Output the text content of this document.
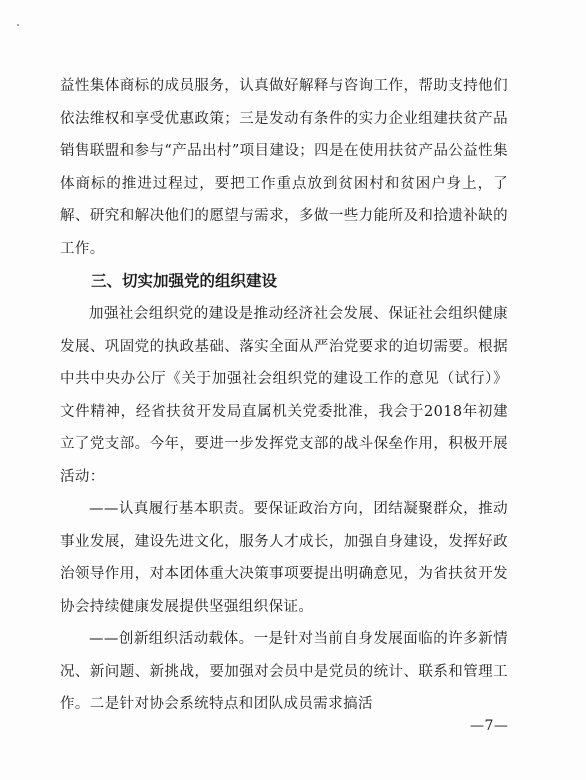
益性集体商标的成员服务，认真做好解释与咨询工作，帮助支持他们依法维权和享受优惠政策；三是发动有条件的实力企业组建扶贫产品销售联盟和参与“产品出村”项目建设；四是在使用扶贫产品公益性集体商标的推进过程过，要把工作重点放到贫困村和贫困户身上，了解、研究和解决他们的愿望与需求，多做一些力能所及和拾遗补缺的工作。

三、切实加强党的组织建设

加强社会组织党的建设是推动经济社会发展、保证社会组织健康发展、巩固党的执政基础、落实全面从严治党要求的迫切需要。根据中共中央办公厅《关于加强社会组织党的建设工作的意见（试行）》文件精神，经省扶贫开发局直属机关党委批准，我会于2018年初建立了党支部。今年，要进一步发挥党支部的战斗保垒作用，积极开展活动：

——认真履行基本职责。要保证政治方向，团结凝聚群众，推动事业发展，建设先进文化，服务人才成长，加强自身建设，发挥好政治领导作用，对本团体重大决策事项要提出明确意见，为省扶贫开发协会持续健康发展提供坚强组织保证。

——创新组织活动载体。一是针对当前自身发展面临的许多新情况、新问题、新挑战，要加强对会员中是党员的统计、联系和管理工作。二是针对协会系统特点和团队成员需求搞活

—7—
